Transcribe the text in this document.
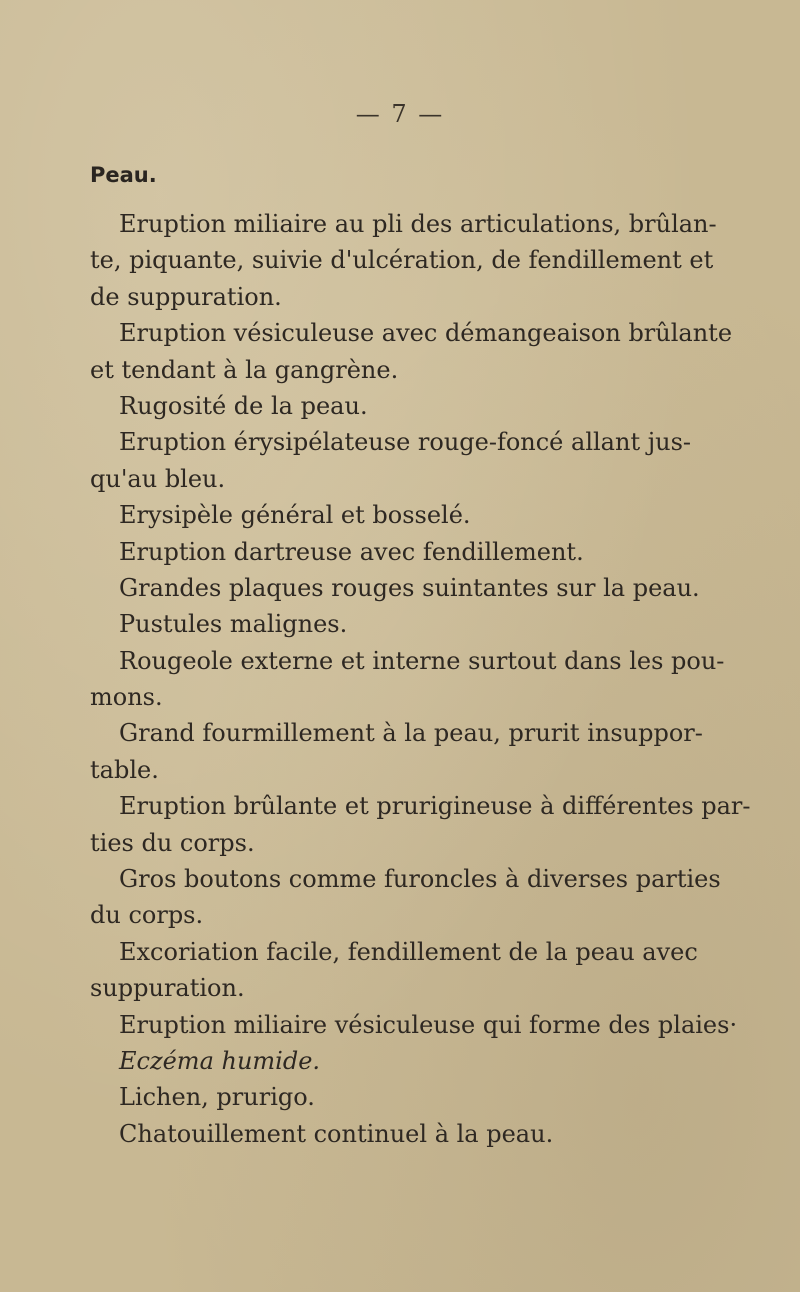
— 7 —
Peau.
Eruption miliaire au pli des articulations, brûlan-
te, piquante, suivie d'ulcération, de fendillement et
de suppuration.
Eruption vésiculeuse avec démangeaison brûlante
et tendant à la gangrène.
Rugosité de la peau.
Eruption érysipélateuse rouge-foncé allant jus-
qu'au bleu.
Erysipèle général et bosselé.
Eruption dartreuse avec fendillement.
Grandes plaques rouges suintantes sur la peau.
Pustules malignes.
Rougeole externe et interne surtout dans les pou-
mons.
Grand fourmillement à la peau, prurit insuppor-
table.
Eruption brûlante et prurigineuse à différentes par-
ties du corps.
Gros boutons comme furoncles à diverses parties
du corps.
Excoriation facile, fendillement de la peau avec
suppuration.
Eruption miliaire vésiculeuse qui forme des plaies·
Eczéma humide.
Lichen, prurigo.
Chatouillement continuel à la peau.
